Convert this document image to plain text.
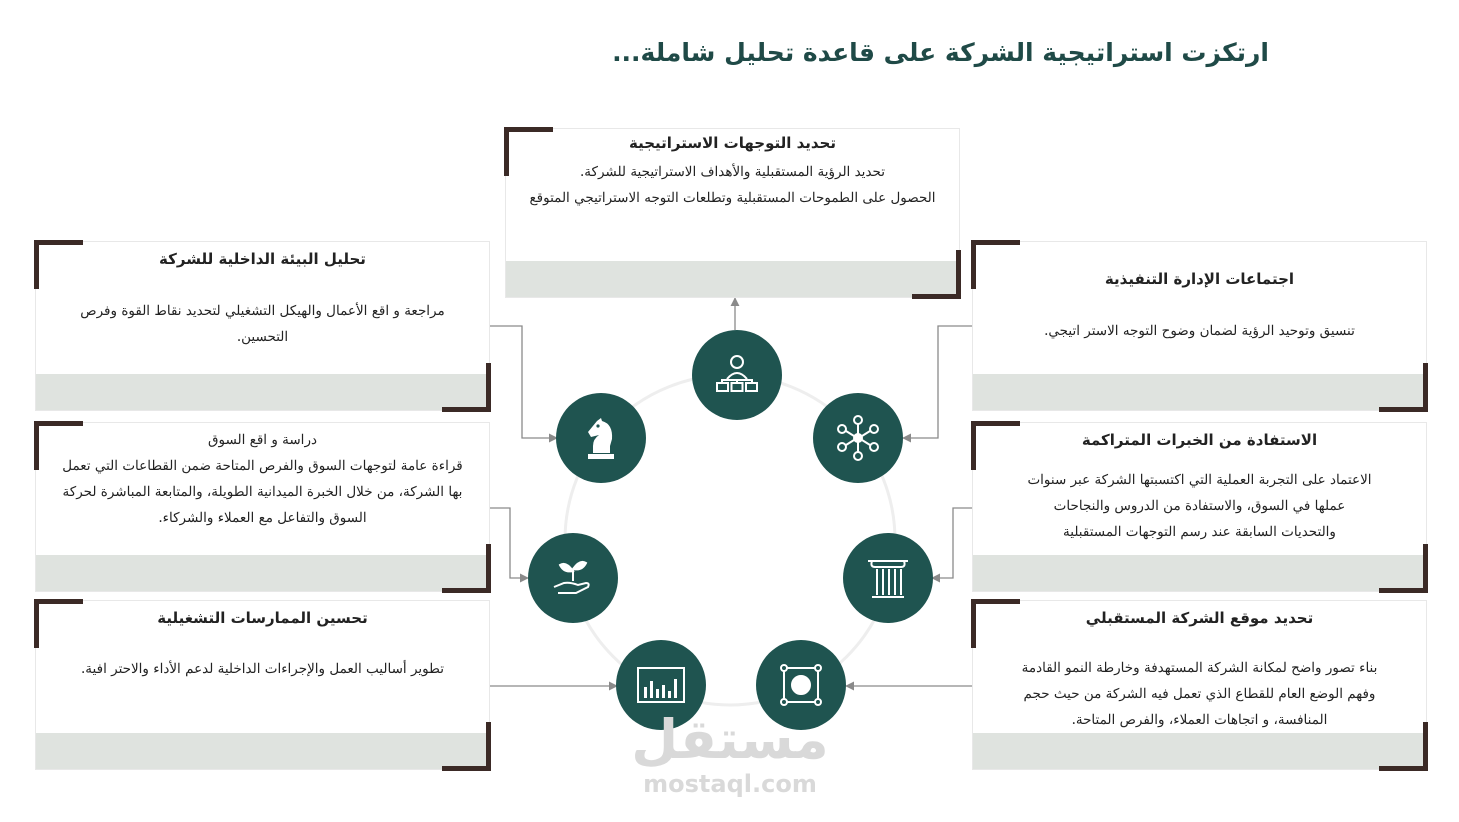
ارتكزت استراتيجية الشركة على قاعدة تحليل شاملة...
تحديد التوجهات الاستراتيجية
تحديد الرؤية المستقبلية والأهداف الاستراتيجية للشركة.
الحصول على الطموحات المستقبلية وتطلعات التوجه الاستراتيجي المتوقع
تحليل البيئة الداخلية للشركة
مراجعة و اقع الأعمال والهيكل التشغيلي لتحديد نقاط القوة وفرص
التحسين.
دراسة و اقع السوق
قراءة عامة لتوجهات السوق والفرص المتاحة ضمن القطاعات التي تعمل
بها الشركة، من خلال الخبرة الميدانية الطويلة، والمتابعة المباشرة لحركة
السوق والتفاعل مع العملاء والشركاء.
تحسين الممارسات التشغيلية
تطوير أساليب العمل والإجراءات الداخلية لدعم الأداء والاحتر افية.
اجتماعات الإدارة التنفيذية
تنسيق وتوحيد الرؤية لضمان وضوح التوجه الاستر اتيجي.
الاستفادة من الخبرات المتراكمة
الاعتماد على التجربة العملية التي اكتسبتها الشركة عبر سنوات
عملها في السوق، والاستفادة من الدروس والنجاحات
والتحديات السابقة عند رسم التوجهات المستقبلية
تحديد موقع الشركة المستقبلي
بناء تصور واضح لمكانة الشركة المستهدفة وخارطة النمو القادمة
وفهم الوضع العام للقطاع الذي تعمل فيه الشركة من حيث حجم
المنافسة، و اتجاهات العملاء، والفرص المتاحة.
مستقل
mostaql.com
